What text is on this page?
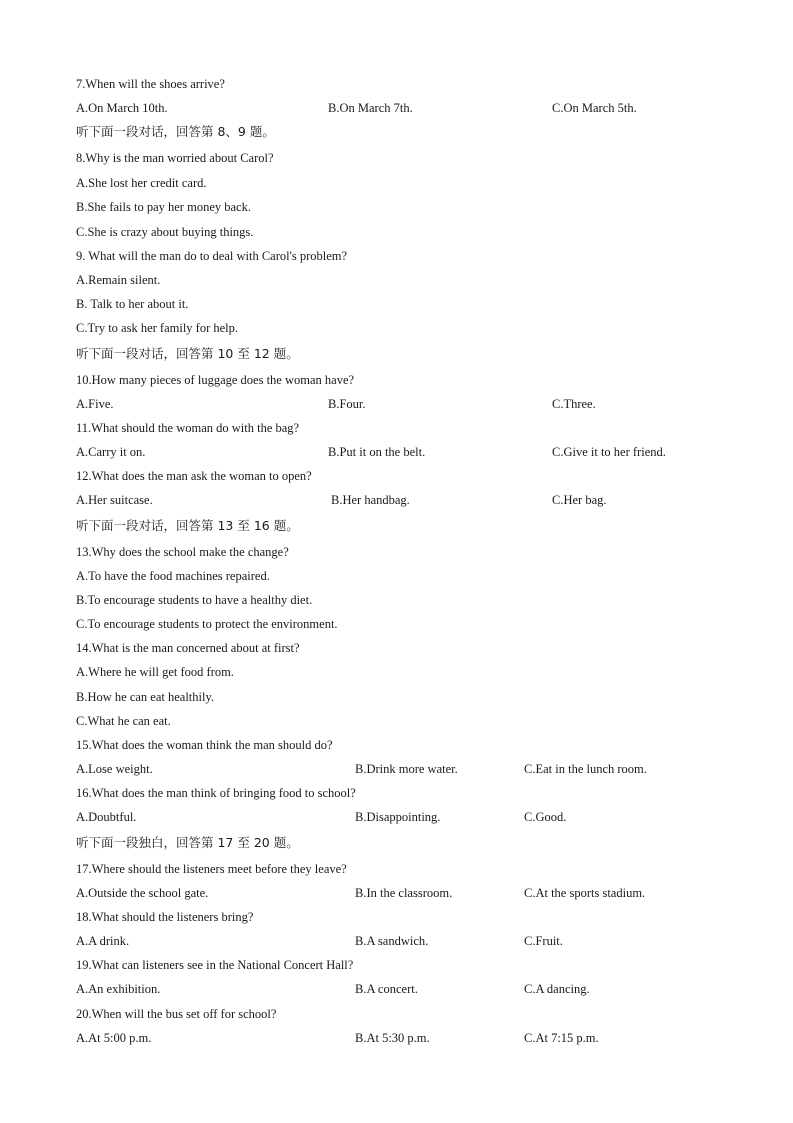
7.When will the shoes arrive?
A.On March 10th.	B.On March 7th.	C.On March 5th.
听下面一段对话，回答第 8、9 题。
8.Why is the man worried about Carol?
A.She lost her credit card.
B.She fails to pay her money back.
C.She is crazy about buying things.
9. What will the man do to deal with Carol's problem?
A.Remain silent.
B. Talk to her about it.
C.Try to ask her family for help.
听下面一段对话，回答第 10 至 12 题。
10.How many pieces of luggage does the woman have?
A.Five.	B.Four.	C.Three.
11.What should the woman do with the bag?
A.Carry it on.	B.Put it on the belt.	C.Give it to her friend.
12.What does the man ask the woman to open?
A.Her suitcase.	B.Her handbag.	C.Her bag.
听下面一段对话，回答第 13 至 16 题。
13.Why does the school make the change?
A.To have the food machines repaired.
B.To encourage students to have a healthy diet.
C.To encourage students to protect the environment.
14.What is the man concerned about at first?
A.Where he will get food from.
B.How he can eat healthily.
C.What he can eat.
15.What does the woman think the man should do?
A.Lose weight.	B.Drink more water.	C.Eat in the lunch room.
16.What does the man think of bringing food to school?
A.Doubtful.	B.Disappointing.	C.Good.
听下面一段独白，回答第 17 至 20 题。
17.Where should the listeners meet before they leave?
A.Outside the school gate.	B.In the classroom.	C.At the sports stadium.
18.What should the listeners bring?
A.A drink.	B.A sandwich.	C.Fruit.
19.What can listeners see in the National Concert Hall?
A.An exhibition.	B.A concert.	C.A dancing.
20.When will the bus set off for school?
A.At 5:00 p.m.	B.At 5:30 p.m.	C.At 7:15 p.m.
